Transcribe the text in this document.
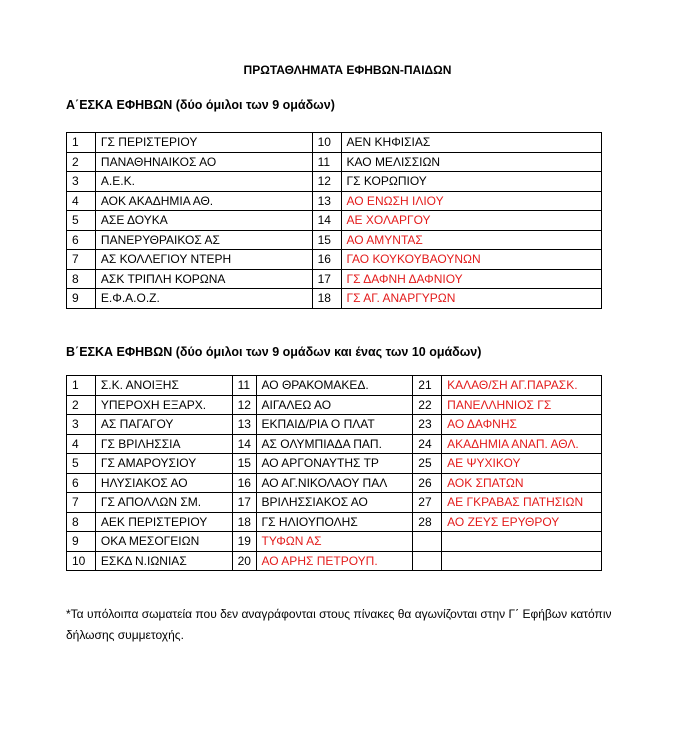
ΠΡΩΤΑΘΛΗΜΑΤΑ ΕΦΗΒΩΝ-ΠΑΙΔΩΝ
Α΄ΕΣΚΑ ΕΦΗΒΩΝ (δύο όμιλοι των 9 ομάδων)
1	ΓΣ ΠΕΡΙΣΤΕΡΙΟΥ	10	ΑΕΝ ΚΗΦΙΣΙΑΣ
2	ΠΑΝΑΘΗΝΑΙΚΟΣ ΑΟ	11	ΚΑΟ ΜΕΛΙΣΣΙΩΝ
3	Α.Ε.Κ.	12	ΓΣ ΚΟΡΩΠΙΟΥ
4	ΑΟΚ ΑΚΑΔΗΜΙΑ ΑΘ.	13	ΑΟ ΕΝΩΣΗ ΙΛΙΟΥ
5	ΑΣΕ ΔΟΥΚΑ	14	ΑΕ ΧΟΛΑΡΓΟΥ
6	ΠΑΝΕΡΥΘΡΑΙΚΟΣ ΑΣ	15	ΑΟ ΑΜΥΝΤΑΣ
7	ΑΣ ΚΟΛΛΕΓΙΟΥ ΝΤΕΡΗ	16	ΓΑΟ ΚΟΥΚΟΥΒΑΟΥΝΩΝ
8	ΑΣΚ ΤΡΙΠΛΗ ΚΟΡΩΝΑ	17	ΓΣ ΔΑΦΝΗ ΔΑΦΝΙΟΥ
9	Ε.Φ.Α.Ο.Ζ.	18	ΓΣ ΑΓ. ΑΝΑΡΓΥΡΩΝ
Β΄ΕΣΚΑ ΕΦΗΒΩΝ (δύο όμιλοι των 9 ομάδων και ένας των 10 ομάδων)
1	Σ.Κ. ΑΝΟΙΞΗΣ	11	ΑΟ ΘΡΑΚΟΜΑΚΕΔ.	21	ΚΑΛΑΘ/ΣΗ ΑΓ.ΠΑΡΑΣΚ.
2	ΥΠΕΡΟΧΗ ΕΞΑΡΧ.	12	ΑΙΓΑΛΕΩ ΑΟ	22	ΠΑΝΕΛΛΗΝΙΟΣ ΓΣ
3	ΑΣ ΠΑΓΑΓΟΥ	13	ΕΚΠΑΙΔ/ΡΙΑ Ο ΠΛΑΤ	23	ΑΟ ΔΑΦΝΗΣ
4	ΓΣ ΒΡΙΛΗΣΣΙΑ	14	ΑΣ ΟΛΥΜΠΙΑΔΑ ΠΑΠ.	24	ΑΚΑΔΗΜΙΑ ΑΝΑΠ. ΑΘΛ.
5	ΓΣ ΑΜΑΡΟΥΣΙΟΥ	15	ΑΟ ΑΡΓΟΝΑΥΤΗΣ ΤΡ	25	ΑΕ ΨΥΧΙΚΟΥ
6	ΗΛΥΣΙΑΚΟΣ ΑΟ	16	ΑΟ ΑΓ.ΝΙΚΟΛΑΟΥ ΠΑΛ	26	ΑΟΚ ΣΠΑΤΩΝ
7	ΓΣ ΑΠΟΛΛΩΝ ΣΜ.	17	ΒΡΙΛΗΣΣΙΑΚΟΣ ΑΟ	27	ΑΕ ΓΚΡΑΒΑΣ ΠΑΤΗΣΙΩΝ
8	ΑΕΚ ΠΕΡΙΣΤΕΡΙΟΥ	18	ΓΣ ΗΛΙΟΥΠΟΛΗΣ	28	ΑΟ ΖΕΥΣ ΕΡΥΘΡΟΥ
9	ΟΚΑ ΜΕΣΟΓΕΙΩΝ	19	ΤΥΦΩΝ ΑΣ		
10	ΕΣΚΔ Ν.ΙΩΝΙΑΣ	20	ΑΟ ΑΡΗΣ ΠΕΤΡΟΥΠ.		
*Τα υπόλοιπα σωματεία που δεν αναγράφονται στους πίνακες θα αγωνίζονται στην Γ΄ Εφήβων κατόπιν δήλωσης συμμετοχής.
